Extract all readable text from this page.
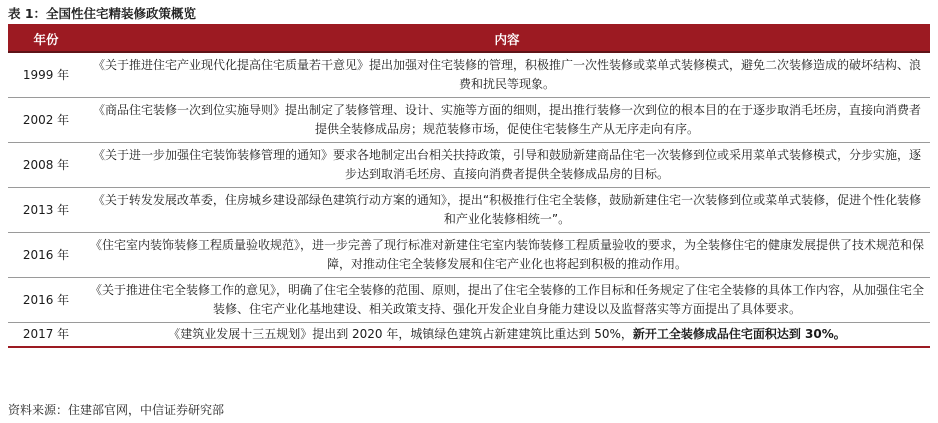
表 1：全国性住宅精装修政策概览
年份	内容
1999 年	《关于推进住宅产业现代化提高住宅质量若干意见》提出加强对住宅装修的管理，积极推广一次性装修或菜单式装修模式，避免二次装修造成的破坏结构、浪费和扰民等现象。
2002 年	《商品住宅装修一次到位实施导则》提出制定了装修管理、设计、实施等方面的细则，提出推行装修一次到位的根本目的在于逐步取消毛坯房，直接向消费者提供全装修成品房；规范装修市场，促使住宅装修生产从无序走向有序。
2008 年	《关于进一步加强住宅装饰装修管理的通知》要求各地制定出台相关扶持政策，引导和鼓励新建商品住宅一次装修到位或采用菜单式装修模式，分步实施，逐步达到取消毛坯房、直接向消费者提供全装修成品房的目标。
2013 年	《关于转发发展改革委，住房城乡建设部绿色建筑行动方案的通知》，提出“积极推行住宅全装修，鼓励新建住宅一次装修到位或菜单式装修，促进个性化装修和产业化装修相统一”。
2016 年	《住宅室内装饰装修工程质量验收规范》，进一步完善了现行标准对新建住宅室内装饰装修工程质量验收的要求，为全装修住宅的健康发展提供了技术规范和保障，对推动住宅全装修发展和住宅产业化也将起到积极的推动作用。
2016 年	《关于推进住宅全装修工作的意见》，明确了住宅全装修的范围、原则，提出了住宅全装修的工作目标和任务规定了住宅全装修的具体工作内容，从加强住宅全装修、住宅产业化基地建设、相关政策支持、强化开发企业自身能力建设以及监督落实等方面提出了具体要求。
2017 年	《建筑业发展十三五规划》提出到 2020 年，城镇绿色建筑占新建建筑比重达到 50%，新开工全装修成品住宅面积达到 30%。
资料来源：住建部官网，中信证券研究部
